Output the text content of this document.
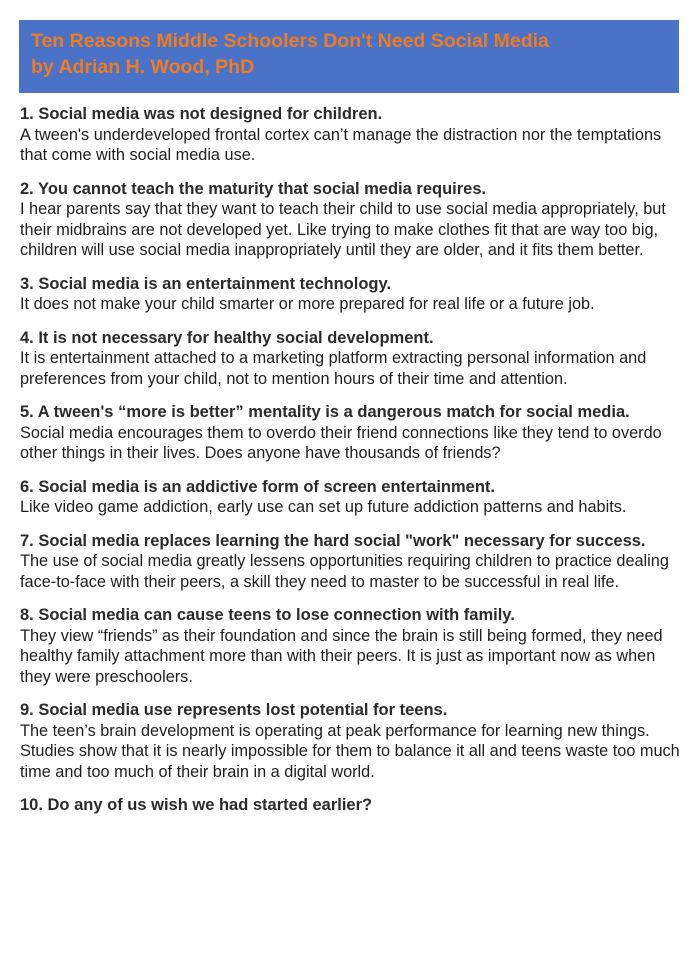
Ten Reasons Middle Schoolers Don't Need Social Media
by Adrian H. Wood, PhD
1. Social media was not designed for children.
A tween's underdeveloped frontal cortex can’t manage the distraction nor the temptations that come with social media use.
2. You cannot teach the maturity that social media requires.
I hear parents say that they want to teach their child to use social media appropriately, but their midbrains are not developed yet. Like trying to make clothes fit that are way too big, children will use social media inappropriately until they are older, and it fits them better.
3. Social media is an entertainment technology.
It does not make your child smarter or more prepared for real life or a future job.
4. It is not necessary for healthy social development.
It is entertainment attached to a marketing platform extracting personal information and preferences from your child, not to mention hours of their time and attention.
5. A tween's “more is better” mentality is a dangerous match for social media.
Social media encourages them to overdo their friend connections like they tend to overdo other things in their lives. Does anyone have thousands of friends?
6. Social media is an addictive form of screen entertainment.
Like video game addiction, early use can set up future addiction patterns and habits.
7. Social media replaces learning the hard social "work" necessary for success.
The use of social media greatly lessens opportunities requiring children to practice dealing face-to-face with their peers, a skill they need to master to be successful in real life.
8. Social media can cause teens to lose connection with family.
They view “friends” as their foundation and since the brain is still being formed, they need healthy family attachment more than with their peers. It is just as important now as when they were preschoolers.
9. Social media use represents lost potential for teens.
The teen’s brain development is operating at peak performance for learning new things. Studies show that it is nearly impossible for them to balance it all and teens waste too much time and too much of their brain in a digital world.
10. Do any of us wish we had started earlier?
